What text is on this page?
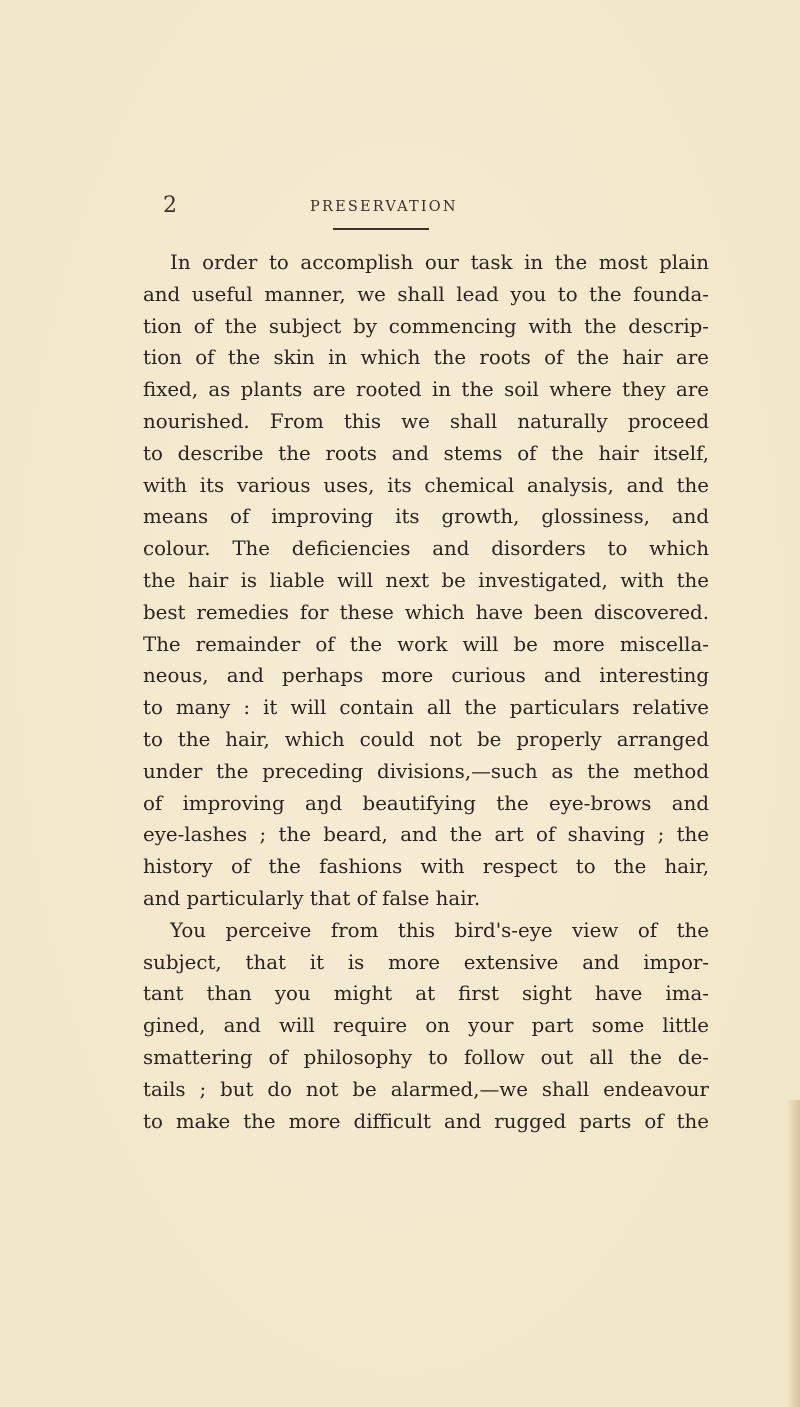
2	PRESERVATION
In order to accomplish our task in the most plain
and useful manner, we shall lead you to the founda-
tion of the subject by commencing with the descrip-
tion of the skin in which the roots of the hair are
fixed, as plants are rooted in the soil where they are
nourished. From this we shall naturally proceed
to describe the roots and stems of the hair itself,
with its various uses, its chemical analysis, and the
means of improving its growth, glossiness, and
colour. The deficiencies and disorders to which
the hair is liable will next be investigated, with the
best remedies for these which have been discovered.
The remainder of the work will be more miscella-
neous, and perhaps more curious and interesting
to many : it will contain all the particulars relative
to the hair, which could not be properly arranged
under the preceding divisions,—such as the method
of improving aŋd beautifying the eye-brows and
eye-lashes ; the beard, and the art of shaving ; the
history of the fashions with respect to the hair,
and particularly that of false hair.
You perceive from this bird's-eye view of the
subject, that it is more extensive and impor-
tant than you might at first sight have ima-
gined, and will require on your part some little
smattering of philosophy to follow out all the de-
tails ; but do not be alarmed,—we shall endeavour
to make the more difficult and rugged parts of the
